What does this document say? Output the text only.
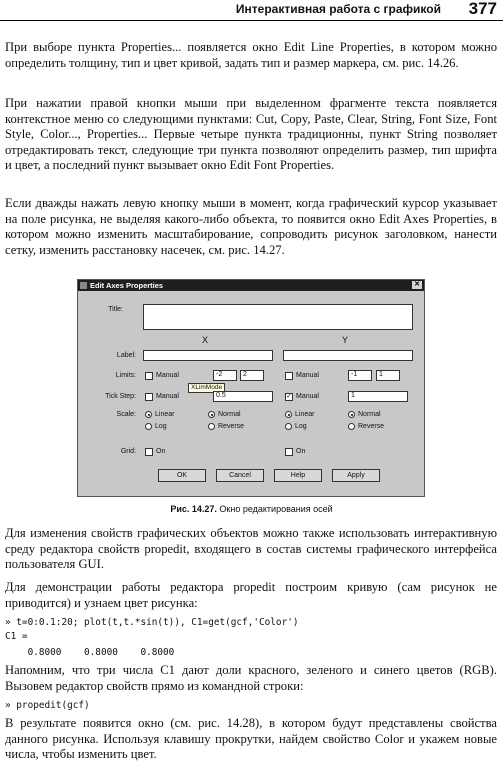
Интерактивная работа с графикой 377

При выборе пункта Properties... появляется окно Edit Line Properties, в котором можно определить толщину, тип и цвет кривой, задать тип и размер маркера, см. рис. 14.26.

При нажатии правой кнопки мыши при выделенном фрагменте текста появляется контекстное меню со следующими пунктами: Cut, Copy, Paste, Clear, String, Font Size, Font Style, Color..., Properties... Первые четыре пункта традиционны, пункт String позволяет отредактировать текст, следующие три пункта позволяют определить размер, тип шрифта и цвет, а последний пункт вызывает окно Edit Font Properties.

Если дважды нажать левую кнопку мыши в момент, когда графический курсор указывает на поле рисунка, не выделяя какого-либо объекта, то появится окно Edit Axes Properties, в котором можно изменить масштабирование, сопроводить рисунок заголовком, нанести сетку, изменить расстановку насечек, см. рис. 14.27.

Edit Axes Properties	✕
Title:
X	Y
Label:
Limits:	Manual	-2	2	Manual	-1	1
XLimMode
Tick Step:	Manual	0.5	✓ Manual	1
Scale:	Linear	Normal	Linear	Normal
Log	Reverse	Log	Reverse
Grid:	On	On
OK	Cancel	Help	Apply
Рис. 14.27. Окно редактирования осей

Для изменения свойств графических объектов можно также использовать интерактивную среду редактора свойств propedit, входящего в состав системы графического интерфейса пользователя GUI.

Для демонстрации работы редактора propedit построим кривую (сам рисунок не приводится) и узнаем цвет рисунка:

» t=0:0.1:20; plot(t,t.*sin(t)), C1=get(gcf,'Color')
C1 =
0.8000    0.8000    0.8000

Напомним, что три числа C1 дают доли красного, зеленого и синего цветов (RGB). Вызовем редактор свойств прямо из командной строки:

» propedit(gcf)

В результате появится окно (см. рис. 14.28), в котором будут представлены свойства данного рисунка. Используя клавишу прокрутки, найдем свойство Color и укажем новые числа, чтобы изменить цвет.
